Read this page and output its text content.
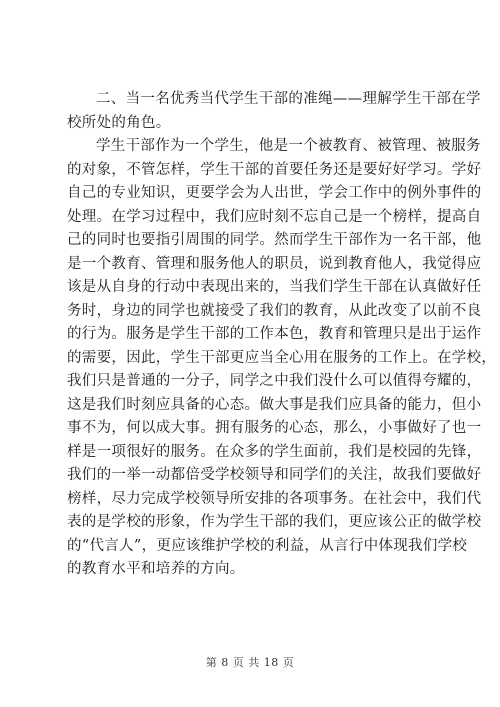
二、当一名优秀当代学生干部的准绳——理解学生干部在学
校所处的角色。
学生干部作为一个学生，他是一个被教育、被管理、被服务
的对象，不管怎样，学生干部的首要任务还是要好好学习。学好
自己的专业知识，更要学会为人出世，学会工作中的例外事件的
处理。在学习过程中，我们应时刻不忘自己是一个榜样，提高自
己的同时也要指引周围的同学。然而学生干部作为一名干部，他
是一个教育、管理和服务他人的职员，说到教育他人，我觉得应
该是从自身的行动中表现出来的，当我们学生干部在认真做好任
务时，身边的同学也就接受了我们的教育，从此改变了以前不良
的行为。服务是学生干部的工作本色，教育和管理只是出于运作
的需要，因此，学生干部更应当全心用在服务的工作上。在学校，
我们只是普通的一分子，同学之中我们没什么可以值得夸耀的，
这是我们时刻应具备的心态。做大事是我们应具备的能力，但小
事不为，何以成大事。拥有服务的心态，那么，小事做好了也一
样是一项很好的服务。在众多的学生面前，我们是校园的先锋，
我们的一举一动都倍受学校领导和同学们的关注，故我们要做好
榜样，尽力完成学校领导所安排的各项事务。在社会中，我们代
表的是学校的形象，作为学生干部的我们，更应该公正的做学校
的“代言人”，更应该维护学校的利益，从言行中体现我们学校
的教育水平和培养的方向。
第 8 页 共 18 页
